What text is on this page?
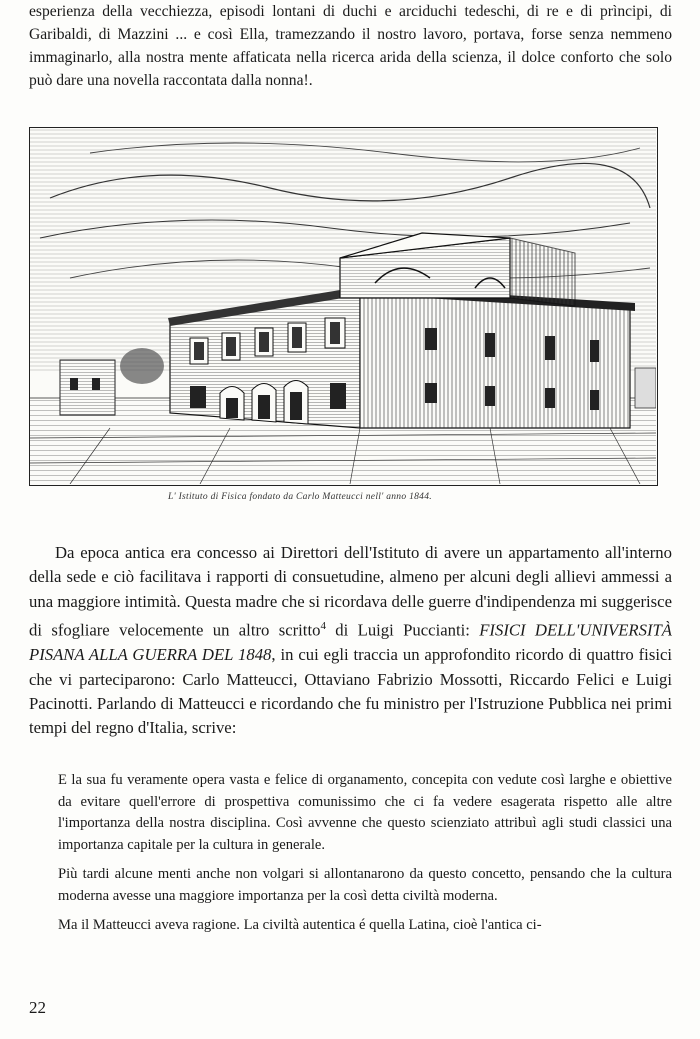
esperienza della vecchiezza, episodi lontani di duchi e arciduchi tedeschi, di re e di prìncipi, di Garibaldi, di Mazzini ... e così Ella, tramezzando il nostro lavoro, portava, forse senza nemmeno immaginarlo, alla nostra mente affaticata nella ricerca arida della scienza, il dolce conforto che solo può dare una novella raccontata dalla nonna!.

L' Istituto di Fisica fondato da Carlo Matteucci nell' anno 1844.

Da epoca antica era concesso ai Direttori dell'Istituto di avere un appartamento all'interno della sede e ciò facilitava i rapporti di consuetudine, almeno per alcuni degli allievi ammessi a una maggiore intimità. Questa madre che si ricordava delle guerre d'indipendenza mi suggerisce di sfogliare velocemente un altro scritto$^4$ di Luigi Puccianti: FISICI DELL'UNIVERSITÀ PISANA ALLA GUERRA DEL 1848, in cui egli traccia un approfondito ricordo di quattro fisici che vi parteciparono: Carlo Matteucci, Ottaviano Fabrizio Mossotti, Riccardo Felici e Luigi Pacinotti. Parlando di Matteucci e ricordando che fu ministro per l'Istruzione Pubblica nei primi tempi del regno d'Italia, scrive:

E la sua fu veramente opera vasta e felice di organamento, concepita con vedute così larghe e obiettive da evitare quell'errore di prospettiva comunissimo che ci fa vedere esagerata rispetto alle altre l'importanza della nostra disciplina. Così avvenne che questo scienziato attribuì agli studi classici una importanza capitale per la cultura in generale.

Più tardi alcune menti anche non volgari si allontanarono da questo concetto, pensando che la cultura moderna avesse una maggiore importanza per la così detta civiltà moderna.

Ma il Matteucci aveva ragione. La civiltà autentica é quella Latina, cioè l'antica ci-

22
